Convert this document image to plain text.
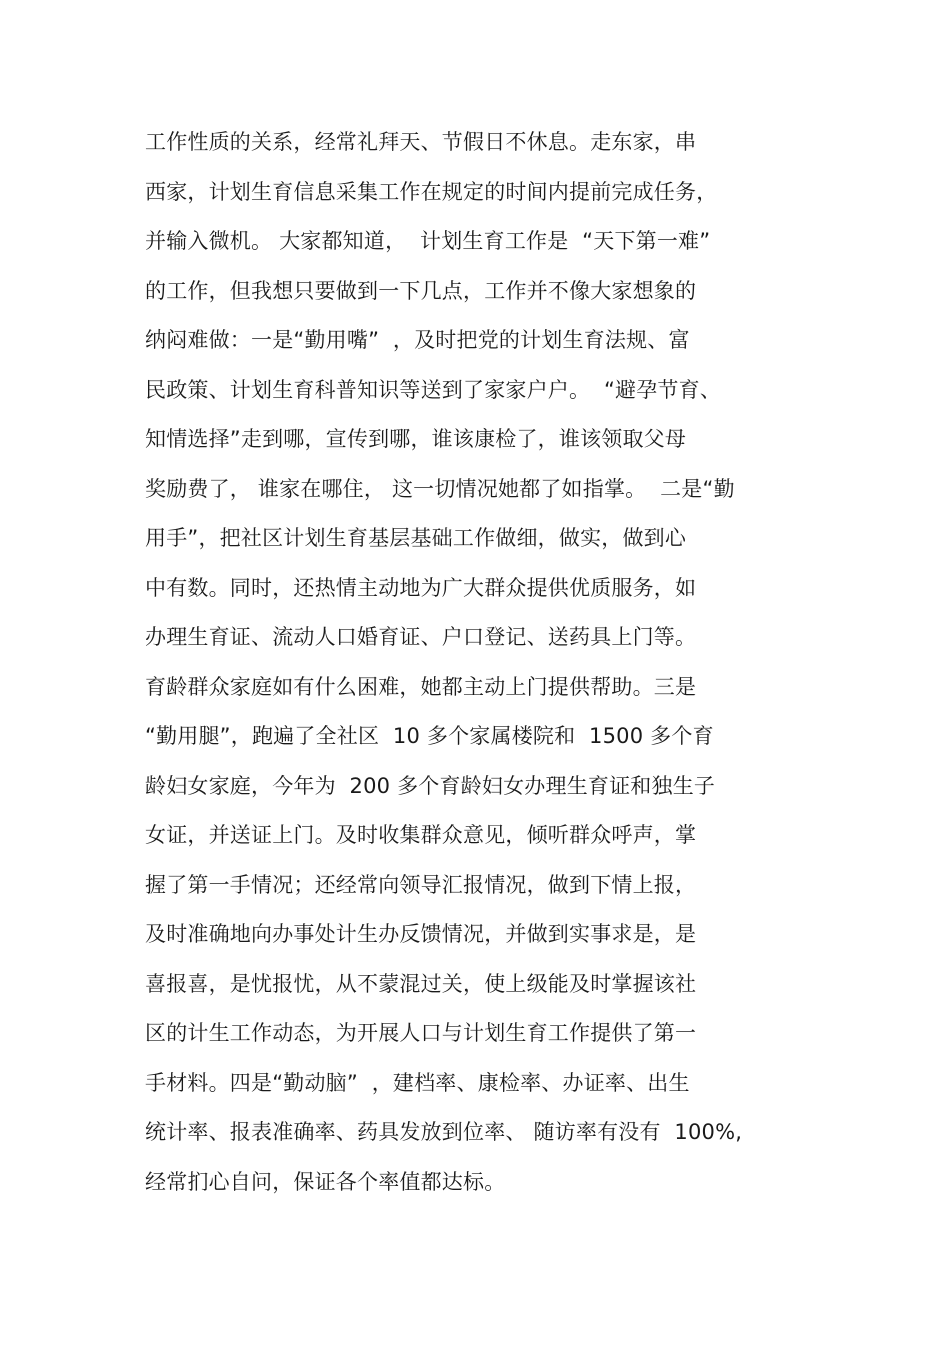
工作性质的关系，经常礼拜天、节假日不休息。走东家，串
西家，计划生育信息采集工作在规定的时间内提前完成任务，
并输入微机。 大家都知道，  计划生育工作是  “天下第一难”
的工作，但我想只要做到一下几点，工作并不像大家想象的
纳闷难做：一是“勤用嘴”  ，及时把党的计划生育法规、富
民政策、计划生育科普知识等送到了家家户户。  “避孕节育、
知情选择”走到哪，宣传到哪，谁该康检了，谁该领取父母
奖励费了， 谁家在哪住， 这一切情况她都了如指掌。  二是“勤
用手”，把社区计划生育基层基础工作做细，做实，做到心
中有数。同时，还热情主动地为广大群众提供优质服务，如
办理生育证、流动人口婚育证、户口登记、送药具上门等。
育龄群众家庭如有什么困难，她都主动上门提供帮助。三是
“勤用腿”，跑遍了全社区  10 多个家属楼院和  1500 多个育
龄妇女家庭，今年为  200 多个育龄妇女办理生育证和独生子
女证，并送证上门。及时收集群众意见，倾听群众呼声，掌
握了第一手情况；还经常向领导汇报情况，做到下情上报，
及时准确地向办事处计生办反馈情况，并做到实事求是，是
喜报喜，是忧报忧，从不蒙混过关，使上级能及时掌握该社
区的计生工作动态，为开展人口与计划生育工作提供了第一
手材料。四是“勤动脑”  ，建档率、康检率、办证率、出生
统计率、报表准确率、药具发放到位率、 随访率有没有  100%,
经常扪心自问，保证各个率值都达标。
